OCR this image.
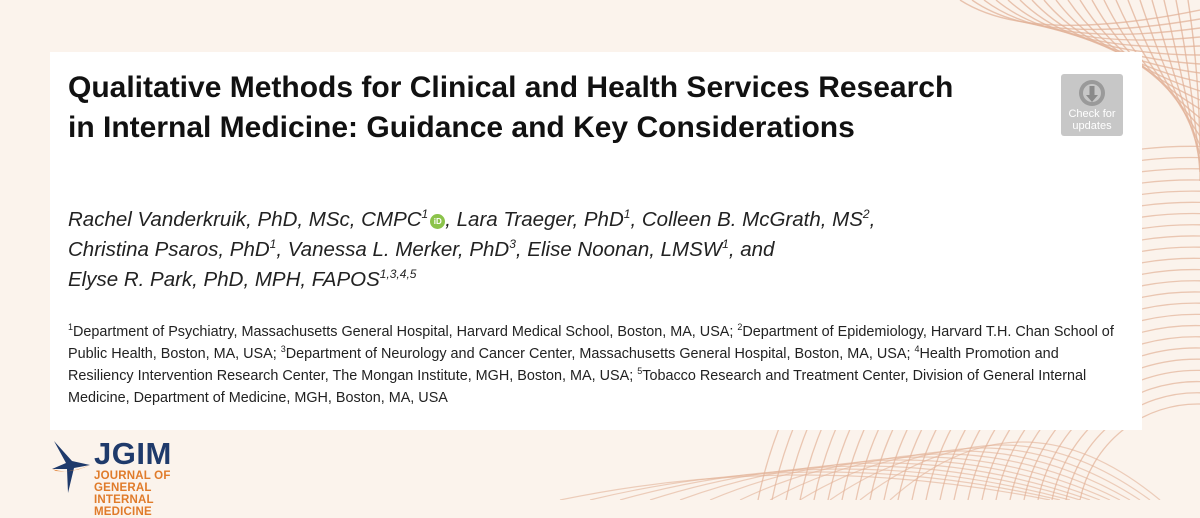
Qualitative Methods for Clinical and Health Services Research in Internal Medicine: Guidance and Key Considerations	Check for
updates

Rachel Vanderkruik, PhD, MSc, CMPC$^1$iD , Lara Traeger, PhD$^1$, Colleen B. McGrath, $MS^2$,
Christina Psaros, PhD$^1$, Vanessa L. Merker, PhD$^3$, Elise Noonan, LMSW$^1$, and
Elyse R. Park, PhD, MPH, FAPOS$^{1,3,4,5}$

$^1$Department of Psychiatry, Massachusetts General Hospital, Harvard Medical School, Boston, MA, USA; $^2$Department of Epidemiology, Harvard T.H. Chan School of Public Health, Boston, MA, USA; $^3$Department of Neurology and Cancer Center, Massachusetts General Hospital, Boston, MA, USA; $^4$Health Promotion and Resiliency Intervention Research Center, The Mongan Institute, MGH, Boston, MA, USA; $^5$Tobacco Research and Treatment Center, Division of General Internal Medicine, Department of Medicine, MGH, Boston, MA, USA

JGIM
JOURNAL OF GENERAL INTERNAL MEDICINE
